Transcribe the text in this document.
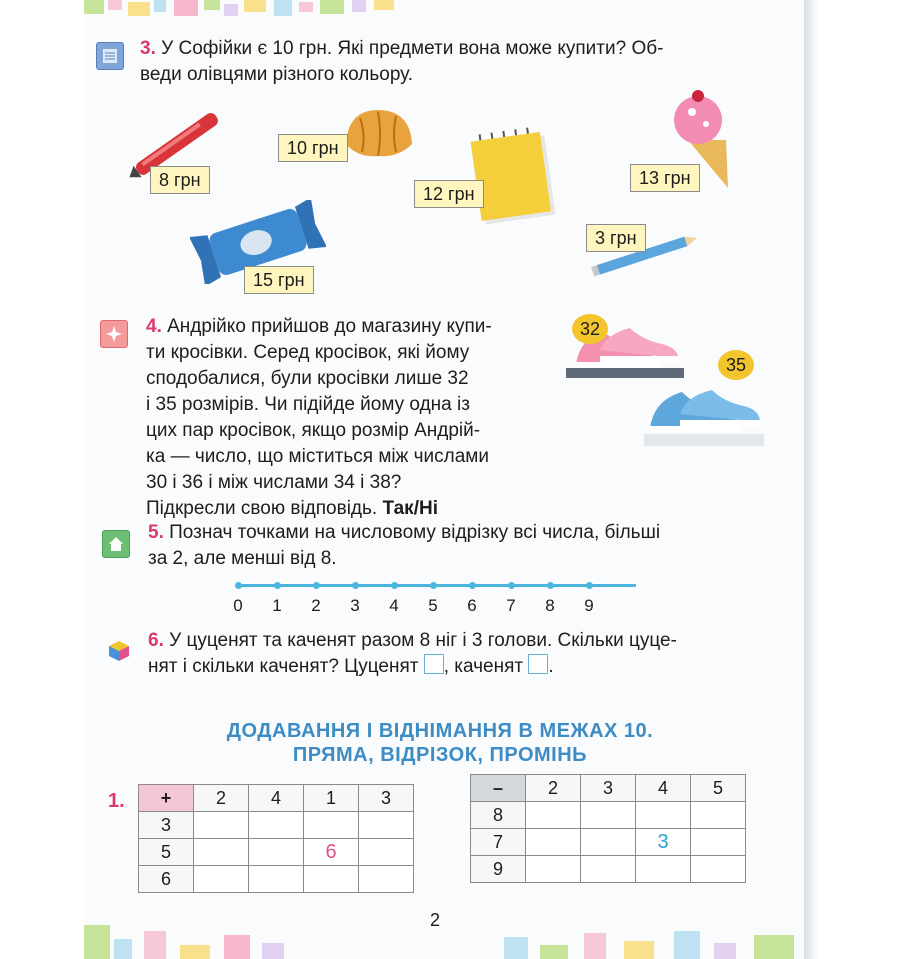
3. У Софійки є 10 грн. Які предмети вона може купити? Об-
веди олівцями різного кольору.
8 грн
10 грн
12 грн
13 грн
3 грн
15 грн
4. Андрійко прийшов до магазину купи-
ти кросівки. Серед кросівок, які йому
сподобалися, були кросівки лише 32
і 35 розмірів. Чи підійде йому одна із
цих пар кросівок, якщо розмір Андрій-
ка — число, що міститься між числами
30 і 36 і між числами 34 і 38?
Підкресли свою відповідь. Так/Ні
32
35
5. Познач точками на числовому відрізку всі числа, більші
за 2, але менші від 8.
0	1	2	3	4	5	6	7	8	9
6. У цуценят та каченят разом 8 ніг і 3 голови. Скільки цуце-
нят і скільки каченят? Цуценят , каченят .
ДОДАВАННЯ І ВІДНІМАННЯ В МЕЖАХ 10.
ПРЯМА, ВІДРІЗОК, ПРОМІНЬ
1. +	2	4	1	3
3				
5			6	
6				
–	2	3	4	5
8				
7			3	
9				
2
